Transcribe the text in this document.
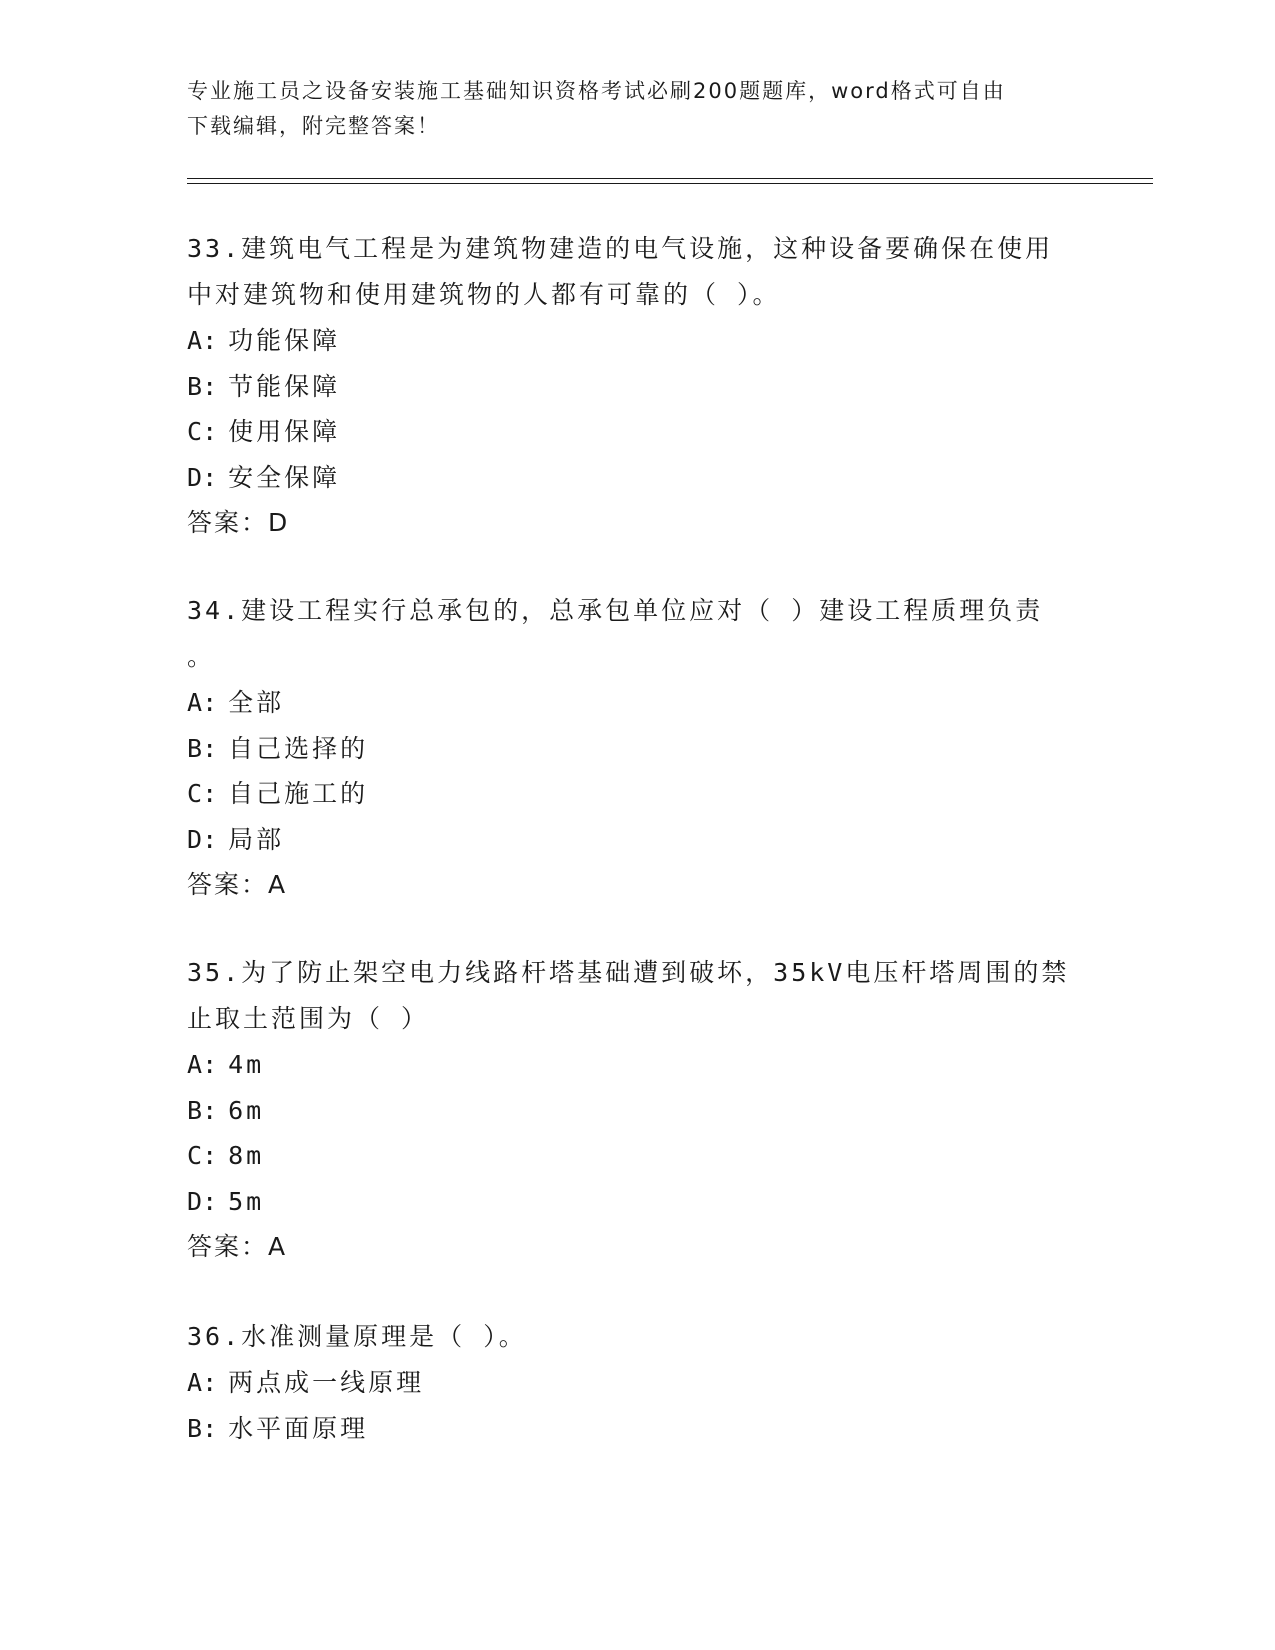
专业施工员之设备安装施工基础知识资格考试必刷200题题库，word格式可自由
下载编辑，附完整答案！

33.建筑电气工程是为建筑物建造的电气设施，这种设备要确保在使用
中对建筑物和使用建筑物的人都有可靠的（ ）。

A : 功能保障
B : 节能保障
C : 使用保障
D : 安全保障
答案：D

34.建设工程实行总承包的，总承包单位应对（ ）建设工程质理负责
。

A : 全部
B : 自己选择的
C : 自己施工的
D : 局部
答案：A

35.为了防止架空电力线路杆塔基础遭到破坏，35kV电压杆塔周围的禁
止取土范围为（ ）

A : 4m
B : 6m
C : 8m
D : 5m
答案：A

36.水准测量原理是（ ）。

A : 两点成一线原理
B : 水平面原理
